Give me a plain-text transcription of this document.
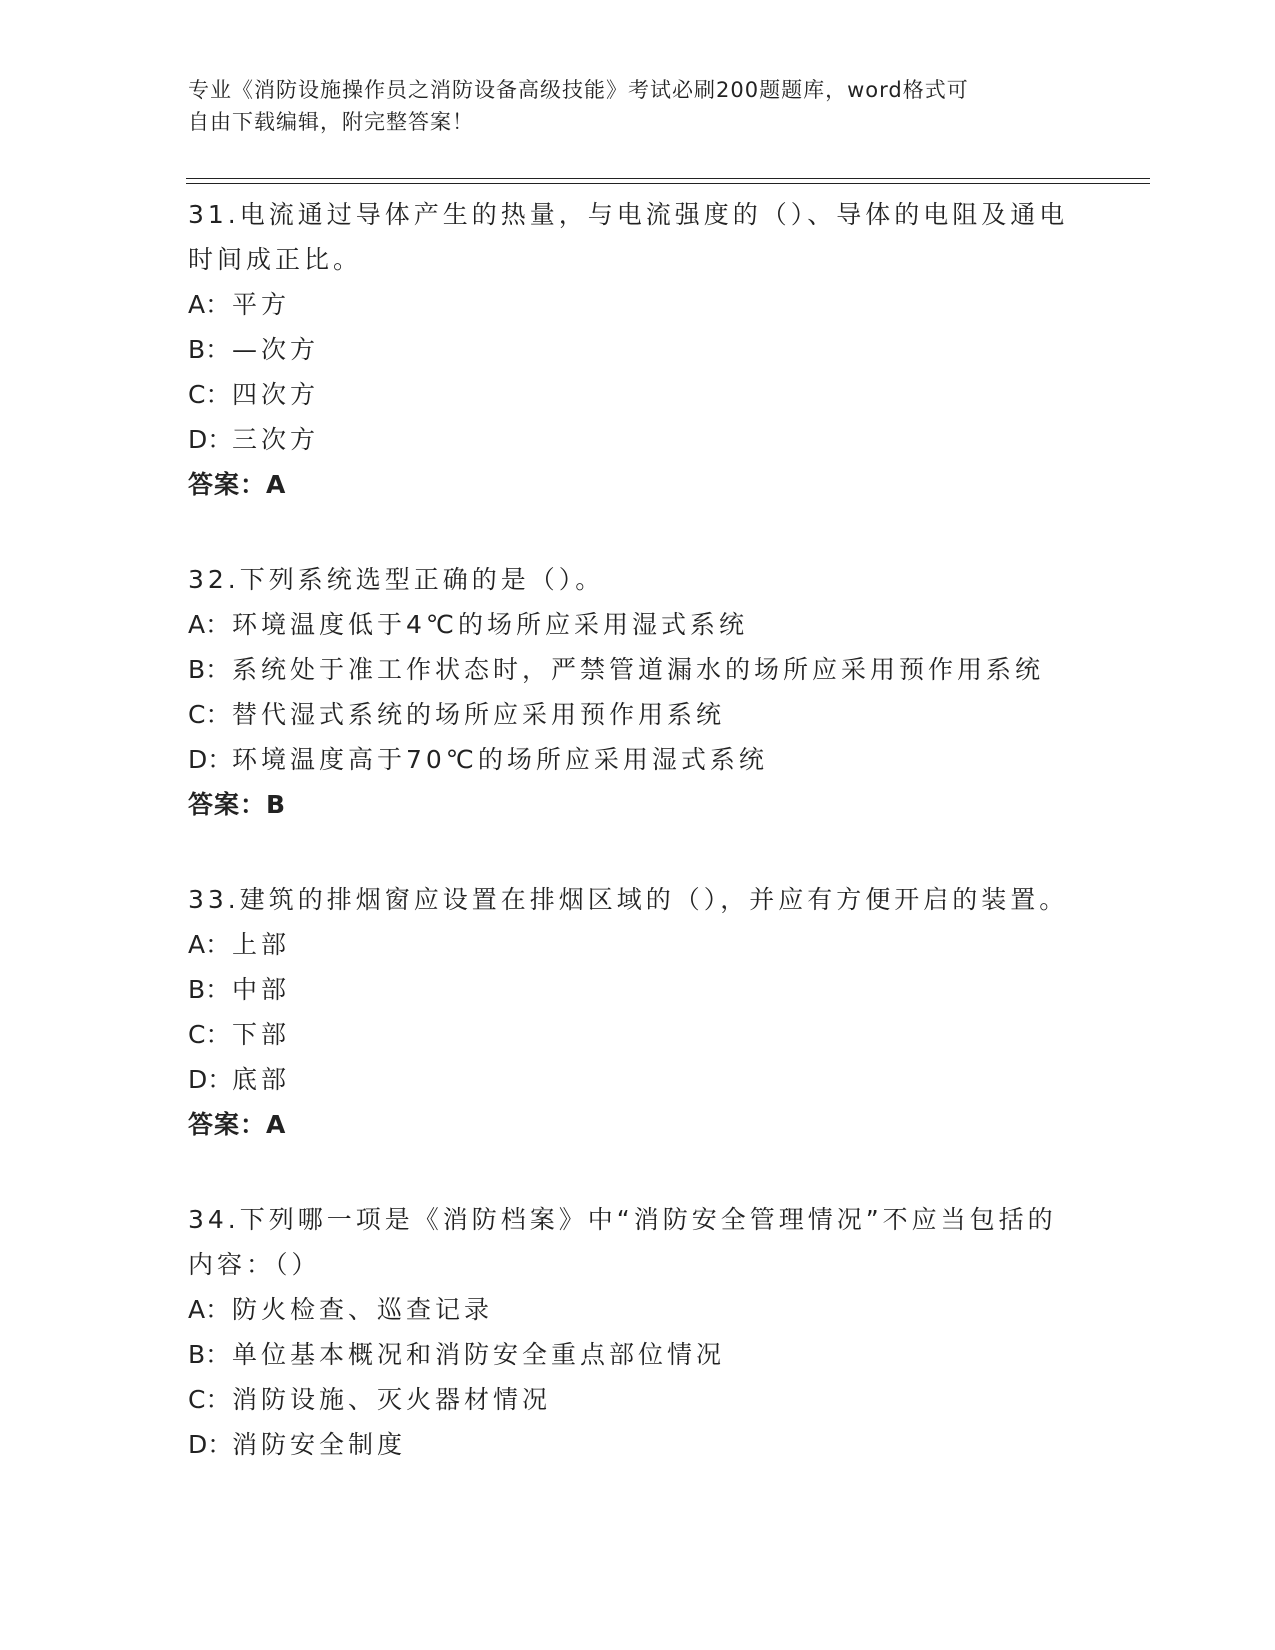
专业《消防设施操作员之消防设备高级技能》考试必刷200题题库，word格式可
自由下载编辑，附完整答案！
31.电流通过导体产生的热量，与电流强度的（）、导体的电阻及通电
时间成正比。
A：平方
B：—次方
C：四次方
D：三次方
答案：A
32.下列系统选型正确的是（）。
A：环境温度低于4℃的场所应采用湿式系统
B：系统处于准工作状态时，严禁管道漏水的场所应采用预作用系统
C：替代湿式系统的场所应采用预作用系统
D：环境温度高于70℃的场所应采用湿式系统
答案：B
33.建筑的排烟窗应设置在排烟区域的（），并应有方便开启的装置。
A：上部
B：中部
C：下部
D：底部
答案：A
34.下列哪一项是《消防档案》中“消防安全管理情况”不应当包括的
内容：（）
A：防火检查、巡查记录
B：单位基本概况和消防安全重点部位情况
C：消防设施、灭火器材情况
D：消防安全制度
